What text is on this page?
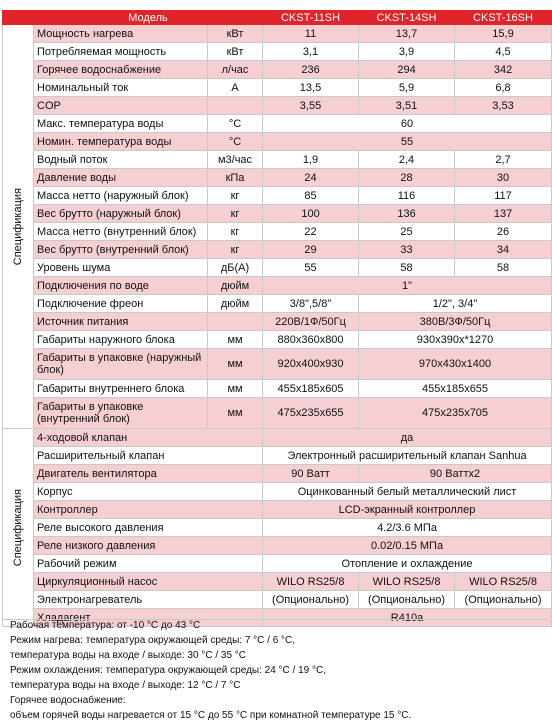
	Модель		CKST-11SH	CKST-14SH	CKST-16SH

Спецификация	Мощность нагрева	кВт	11	13,7	15,9
	Потребляемая мощность	кВт	3,1	3,9	4,5
	Горячее водоснабжение	л/час	236	294	342
	Номинальный ток	A	13,5	5,9	6,8
	COP		3,55	3,51	3,53
	Макс. температура воды	°C	60		
	Номин. температура воды	°C	55		
	Водный поток	м3/час	1,9	2,4	2,7
	Давление воды	кПа	24	28	30
	Масса нетто (наружный блок)	кг	85	116	117
	Вес брутто (наружный блок)	кг	100	136	137
	Масса нетто (внутренний блок)	кг	22	25	26
	Вес брутто (внутренний блок)	кг	29	33	34
	Уровень шума	дБ(A)	55	58	58
	Подключения по воде	дюйм	1"		
	Подключение фреон	дюйм	3/8",5/8"	1/2", 3/4"	
	Источник питания		220В/1Ф/50Гц	380В/3Ф/50Гц	
	Габариты наружного блока	мм	880x360x800	930x390x*1270	
	Габариты в упаковке (наружный блок)	мм	920x400x930	970x430x1400	
	Габариты внутреннего блока	мм	455x185x605	455x185x655	
	Габариты в упаковке (внутренний блок)	мм	475x235x655	475x235x705	

Спецификация	4-ходовой клапан		да		
	Расширительный клапан		Электронный расширительный клапан Sanhua		
	Двигатель вентилятора		90 Ватт	90 Ваттx2	
	Корпус		Оцинкованный белый металлический лист		
	Контроллер		LCD-экранный контроллер		
	Реле высокого давления		4.2/3.6 МПа		
	Реле низкого давления		0.02/0.15 МПа		
	Рабочий режим		Отопление и охлаждение		
	Циркуляционный насос		WILO RS25/8	WILO RS25/8	WILO RS25/8
	Электронагреватель		(Опционально)	(Опционально)	(Опционально)
	Хладагент		R410a		
Рабочая температура: от -10 °C до 43 °C
Режим нагрева: температура окружающей среды: 7 °C / 6 °C,
температура воды на входе / выходе: 30 °C / 35 °C
Режим охлаждения: температура окружающей среды: 24 °C / 19 °C,
температура воды на входе / выходе: 12 °C / 7 °C
Горячее водоснабжение:
объем горячей воды нагревается от 15 °C до 55 °C при комнатной температуре 15 °C.
